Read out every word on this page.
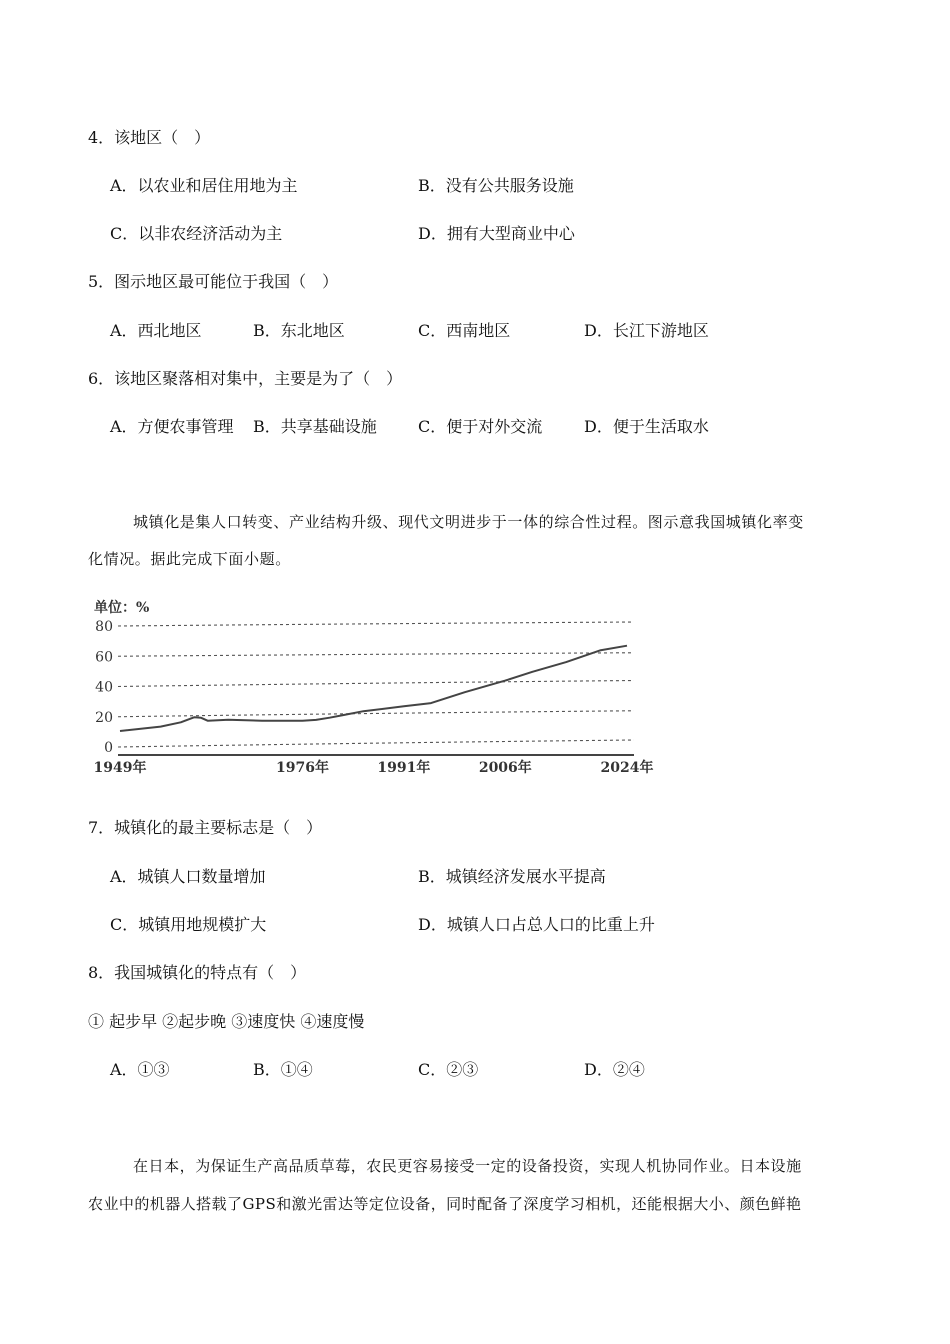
4．该地区（　）
A．以农业和居住用地为主	B．没有公共服务设施
C．以非农经济活动为主	D．拥有大型商业中心
5．图示地区最可能位于我国（　）
A．西北地区	B．东北地区	C．西南地区	D．长江下游地区
6．该地区聚落相对集中，主要是为了（　）
A．方便农事管理 B．共享基础设施	C．便于对外交流	D．便于生活取水
城镇化是集人口转变、产业结构升级、现代文明进步于一体的综合性过程。图示意我国城镇化率变
化情况。据此完成下面小题。
单位：%
80
60
40
20
0
1949年	1976年	1991年	2006年	2024年
7．城镇化的最主要标志是（　）
A．城镇人口数量增加	B．城镇经济发展水平提高
C．城镇用地规模扩大	D．城镇人口占总人口的比重上升
8．我国城镇化的特点有（　）
① 起步早 ②起步晚 ③速度快 ④速度慢
A．①③	B．①④	C．②③	D．②④
在日本，为保证生产高品质草莓，农民更容易接受一定的设备投资，实现人机协同作业。日本设施
农业中的机器人搭载了GPS和激光雷达等定位设备，同时配备了深度学习相机，还能根据大小、颜色鲜艳
